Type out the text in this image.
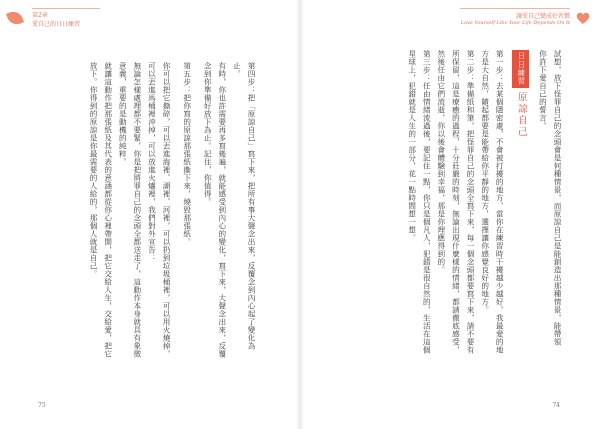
第2章
愛自己的日日練習

第四步：把「原諒自己」寫下來，把所有事大聲念出來，反覆念到內心起了變化為止。

有時，你也許需要再多寫幾遍，就能感受到內心的變化，寫下來，大聲念出來，反覆念到你準備好放下為止。記住，你值得。

第五步：把你寫的原諒那張紙撕下來，燒毀那張紙。

你可以把它撕碎，可以丟進海裡、湖裡、河裡，可以扔到垃圾桶裡，可以用火燒掉，可以丟進馬桶裡沖掉，可以放進火爐裡，我們對外宣告：

無論怎樣處理都不要緊，你是把將罪自己的念頭全都送走了，這動作本身就具有象徵意義，重要的是動機的純粹。

就讓這動作把那張紙及其代表的意涵都從你心裡帶開，把它交給人生，交給愛，把它放下。你得到的原諒是你最需要的人給的，那個人就是自己。

75
讓愛自己變成好習慣
Love Yourself Like Your Life Depends On It

試想，放下怪罪自己的念頭會是何種情景，而原諒自己是能創造出那種情景，能帶領

你許下愛自己的誓言。

日日練習原諒自己

第一步：去某個隱密處，不會被打擾的地方，當你在練習時干擾越少越好，我最愛的地方是大自然，隨起都要是能帶給你平靜的地方，選擇讓你感覺良好的地方。

第二步：準備紙和筆，把怪罪自己的念頭全寫下來，每一個念頭都要寫下來，請不要有所保留，這是療癒的過程，十分莊嚴的時刻，無論出現什麼樣的情緒，都請徹底感受，然後任由它們流逝，你以後會體驗到幸福，那是你理應得到的。

第三步：任由情緒流過後，要記住一點，你只是個凡人，犯錯是很自然的，生活在這個星球上，犯錯就是人生的一部分，花一點時間想一想。

74
